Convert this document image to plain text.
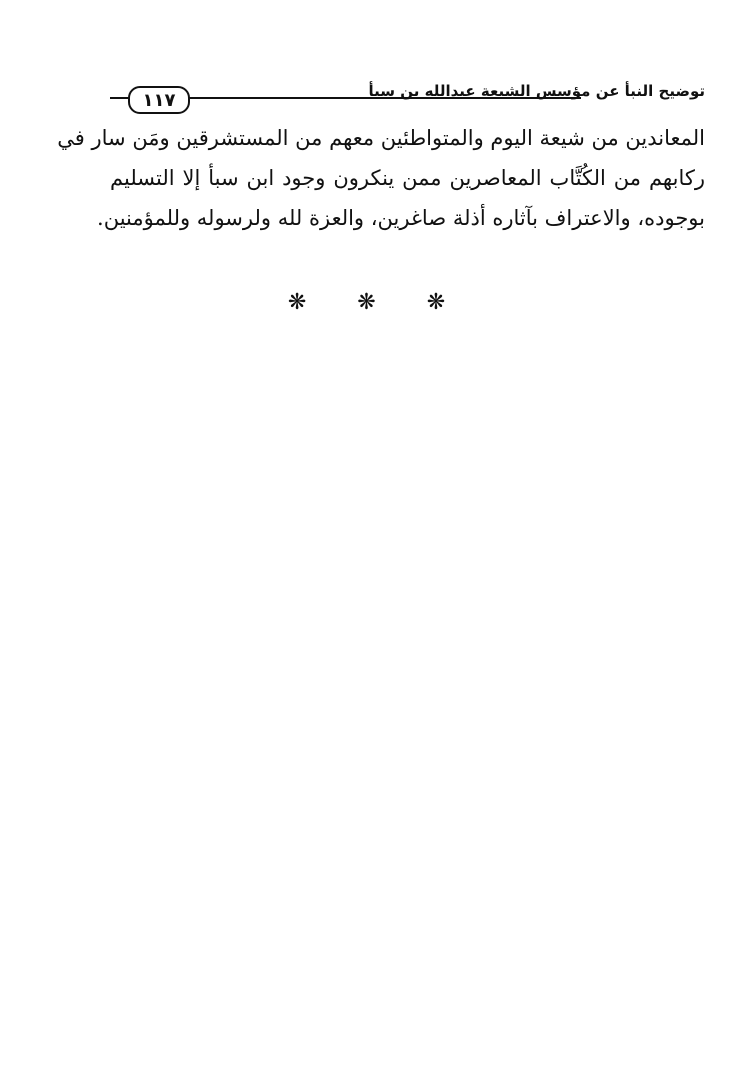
١١٧	توضيح النبأ عن مؤسس الشيعة عبدالله بن سبأ

المعاندين من شيعة اليوم والمتواطئين معهم من المستشرقين ومَن سار في

ركابهم من الكُتَّاب المعاصرين ممن ينكرون وجود ابن سبأ إلا التسليم

بوجوده، والاعتراف بآثاره أذلة صاغرين، والعزة لله ولرسوله وللمؤمنين.

❋ ❋ ❋
